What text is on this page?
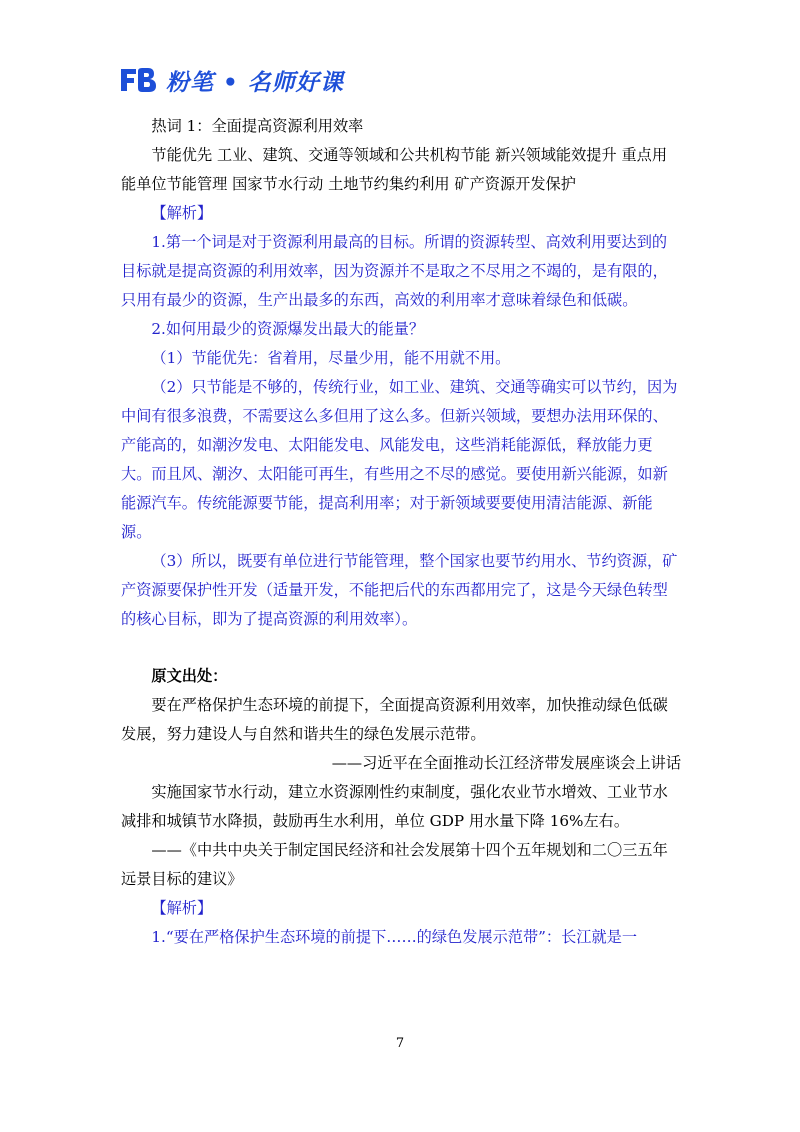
粉笔 • 名师好课

热词 1：全面提高资源利用效率

节能优先 工业、建筑、交通等领域和公共机构节能 新兴领域能效提升 重点用能单位节能管理 国家节水行动 土地节约集约利用 矿产资源开发保护

【解析】

1.第一个词是对于资源利用最高的目标。所谓的资源转型、高效利用要达到的目标就是提高资源的利用效率，因为资源并不是取之不尽用之不竭的，是有限的，只用有最少的资源，生产出最多的东西，高效的利用率才意味着绿色和低碳。

2.如何用最少的资源爆发出最大的能量？

（1）节能优先：省着用，尽量少用，能不用就不用。

（2）只节能是不够的，传统行业，如工业、建筑、交通等确实可以节约，因为中间有很多浪费，不需要这么多但用了这么多。但新兴领域，要想办法用环保的、产能高的，如潮汐发电、太阳能发电、风能发电，这些消耗能源低，释放能力更大。而且风、潮汐、太阳能可再生，有些用之不尽的感觉。要使用新兴能源，如新能源汽车。传统能源要节能，提高利用率；对于新领域要要使用清洁能源、新能源。

（3）所以，既要有单位进行节能管理，整个国家也要节约用水、节约资源，矿产资源要保护性开发（适量开发，不能把后代的东西都用完了，这是今天绿色转型的核心目标，即为了提高资源的利用效率）。

原文出处：

要在严格保护生态环境的前提下，全面提高资源利用效率，加快推动绿色低碳发展，努力建设人与自然和谐共生的绿色发展示范带。

——习近平在全面推动长江经济带发展座谈会上讲话

实施国家节水行动，建立水资源刚性约束制度，强化农业节水增效、工业节水减排和城镇节水降损，鼓励再生水利用，单位 GDP 用水量下降 16%左右。

——《中共中央关于制定国民经济和社会发展第十四个五年规划和二〇三五年远景目标的建议》

【解析】

1.“要在严格保护生态环境的前提下……的绿色发展示范带”：长江就是一

7
